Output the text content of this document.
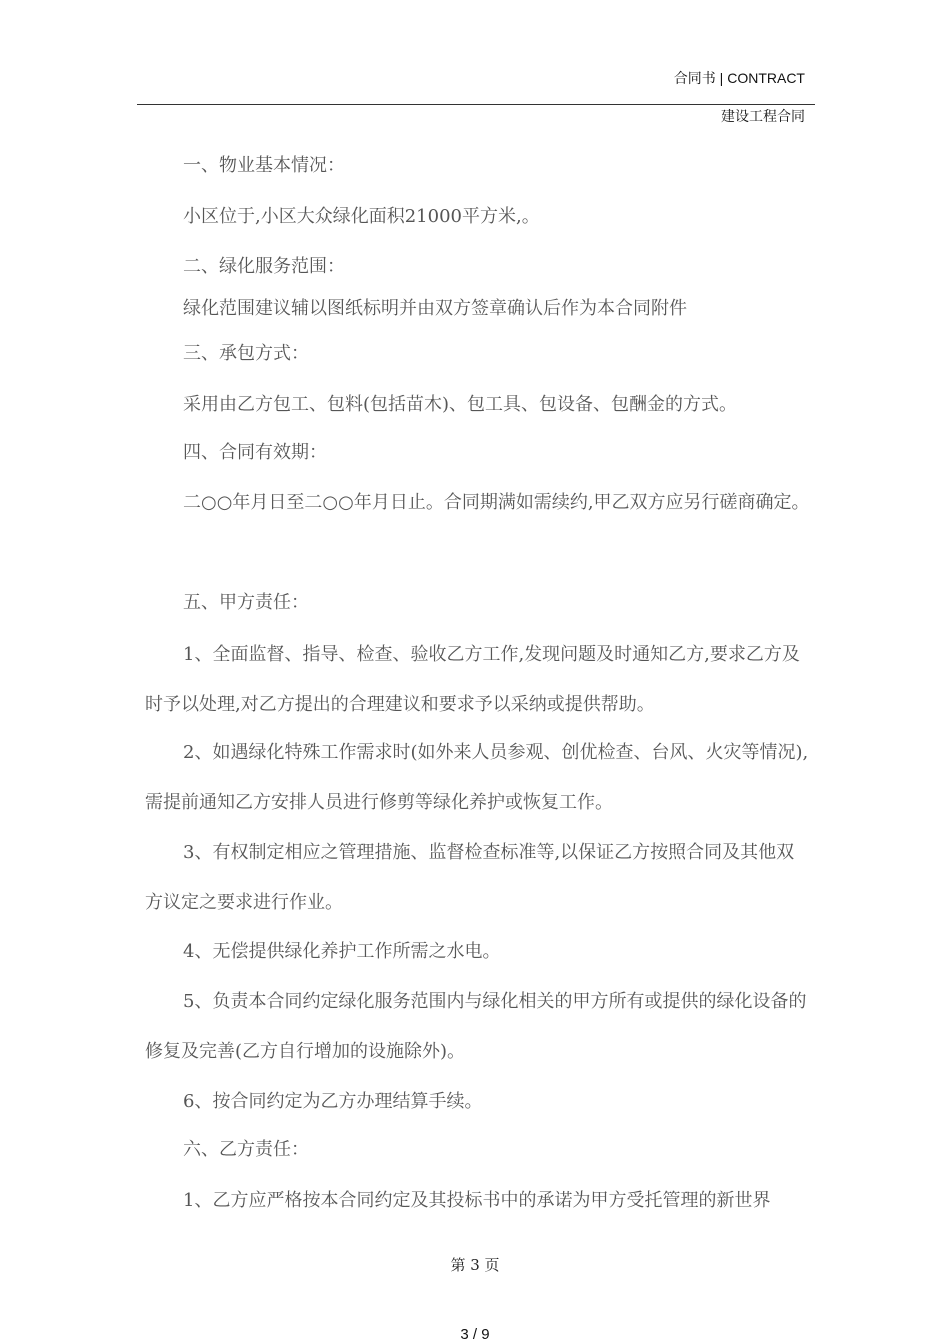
合同书 | CONTRACT
建设工程合同

一、物业基本情况：

小区位于,小区大众绿化面积21000平方米,。

二、绿化服务范围：

绿化范围建议辅以图纸标明并由双方签章确认后作为本合同附件

三、承包方式：

采用由乙方包工、包料(包括苗木)、包工具、包设备、包酬金的方式。

四、合同有效期：

二○○年月日至二○○年月日止。合同期满如需续约,甲乙双方应另行磋商确定。

五、甲方责任：

1、全面监督、指导、检查、验收乙方工作,发现问题及时通知乙方,要求乙方及时予以处理,对乙方提出的合理建议和要求予以采纳或提供帮助。

2、如遇绿化特殊工作需求时(如外来人员参观、创优检查、台风、火灾等情况),需提前通知乙方安排人员进行修剪等绿化养护或恢复工作。

3、有权制定相应之管理措施、监督检查标准等,以保证乙方按照合同及其他双方议定之要求进行作业。

4、无偿提供绿化养护工作所需之水电。

5、负责本合同约定绿化服务范围内与绿化相关的甲方所有或提供的绿化设备的修复及完善(乙方自行增加的设施除外)。

6、按合同约定为乙方办理结算手续。

六、乙方责任：

1、乙方应严格按本合同约定及其投标书中的承诺为甲方受托管理的新世界

第 3 页
3 / 9
